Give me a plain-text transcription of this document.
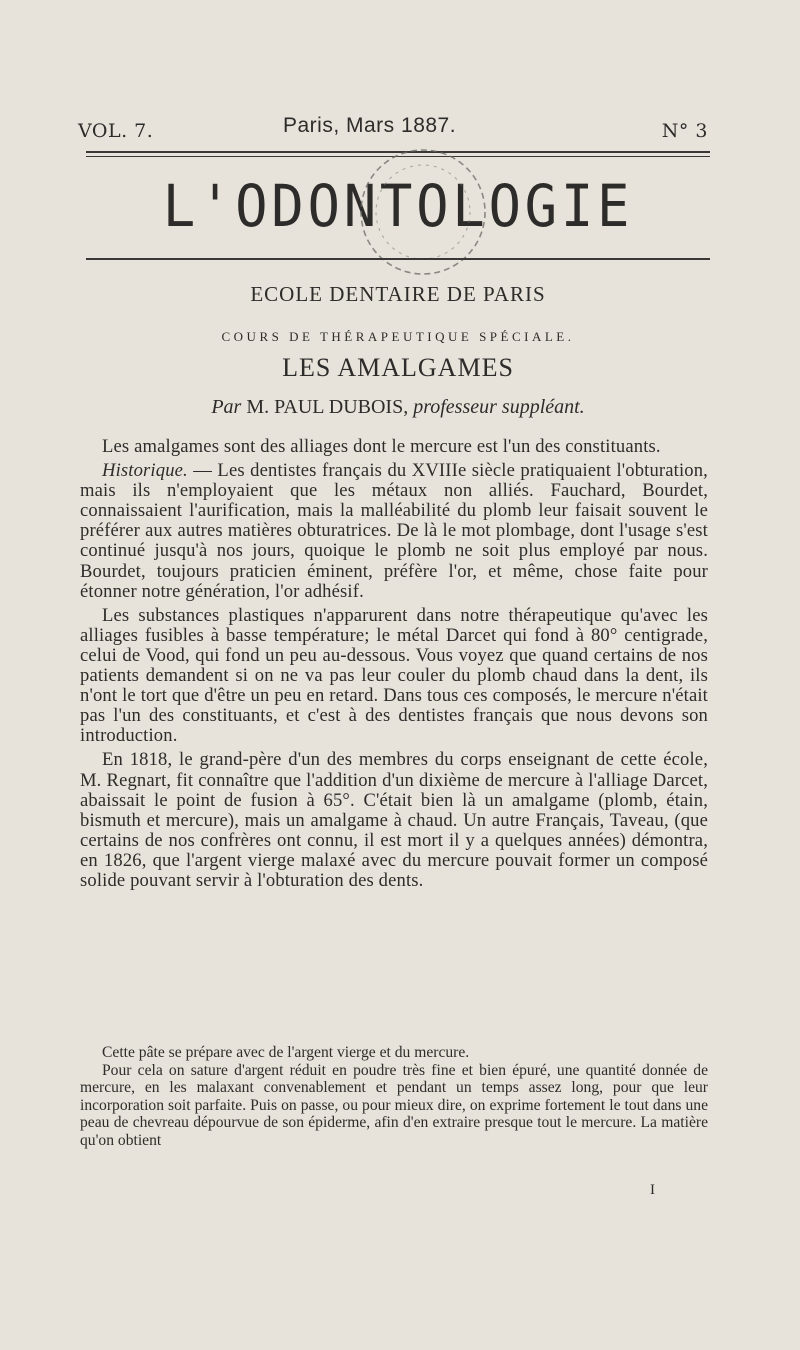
VOL. 7.	Paris, Mars 1887.	N° 3
L'ODONTOLOGIE
ECOLE DENTAIRE DE PARIS
COURS DE THÉRAPEUTIQUE SPÉCIALE.
LES AMALGAMES
Par M. PAUL DUBOIS, professeur suppléant.

Les amalgames sont des alliages dont le mercure est l'un des constituants.

Historique. — Les dentistes français du XVIIIe siècle pratiquaient l'obturation, mais ils n'employaient que les métaux non alliés. Fauchard, Bourdet, connaissaient l'aurification, mais la malléabilité du plomb leur faisait souvent le préférer aux autres matières obturatrices. De là le mot plombage, dont l'usage s'est continué jusqu'à nos jours, quoique le plomb ne soit plus employé par nous. Bourdet, toujours praticien éminent, préfère l'or, et même, chose faite pour étonner notre génération, l'or adhésif.

Les substances plastiques n'apparurent dans notre thérapeutique qu'avec les alliages fusibles à basse température; le métal Darcet qui fond à 80° centigrade, celui de Vood, qui fond un peu au-dessous. Vous voyez que quand certains de nos patients demandent si on ne va pas leur couler du plomb chaud dans la dent, ils n'ont le tort que d'être un peu en retard. Dans tous ces composés, le mercure n'était pas l'un des constituants, et c'est à des dentistes français que nous devons son introduction.

En 1818, le grand-père d'un des membres du corps enseignant de cette école, M. Regnart, fit connaître que l'addition d'un dixième de mercure à l'alliage Darcet, abaissait le point de fusion à 65°. C'était bien là un amalgame (plomb, étain, bismuth et mercure), mais un amalgame à chaud. Un autre Français, Taveau, (que certains de nos confrères ont connu, il est mort il y a quelques années) démontra, en 1826, que l'argent vierge malaxé avec du mercure pouvait former un composé solide pouvant servir à l'obturation des dents.

Cette pâte se prépare avec de l'argent vierge et du mercure.

Pour cela on sature d'argent réduit en poudre très fine et bien épuré, une quantité donnée de mercure, en les malaxant convenablement et pendant un temps assez long, pour que leur incorporation soit parfaite. Puis on passe, ou pour mieux dire, on exprime fortement le tout dans une peau de chevreau dépourvue de son épiderme, afin d'en extraire presque tout le mercure. La matière qu'on obtient

I
